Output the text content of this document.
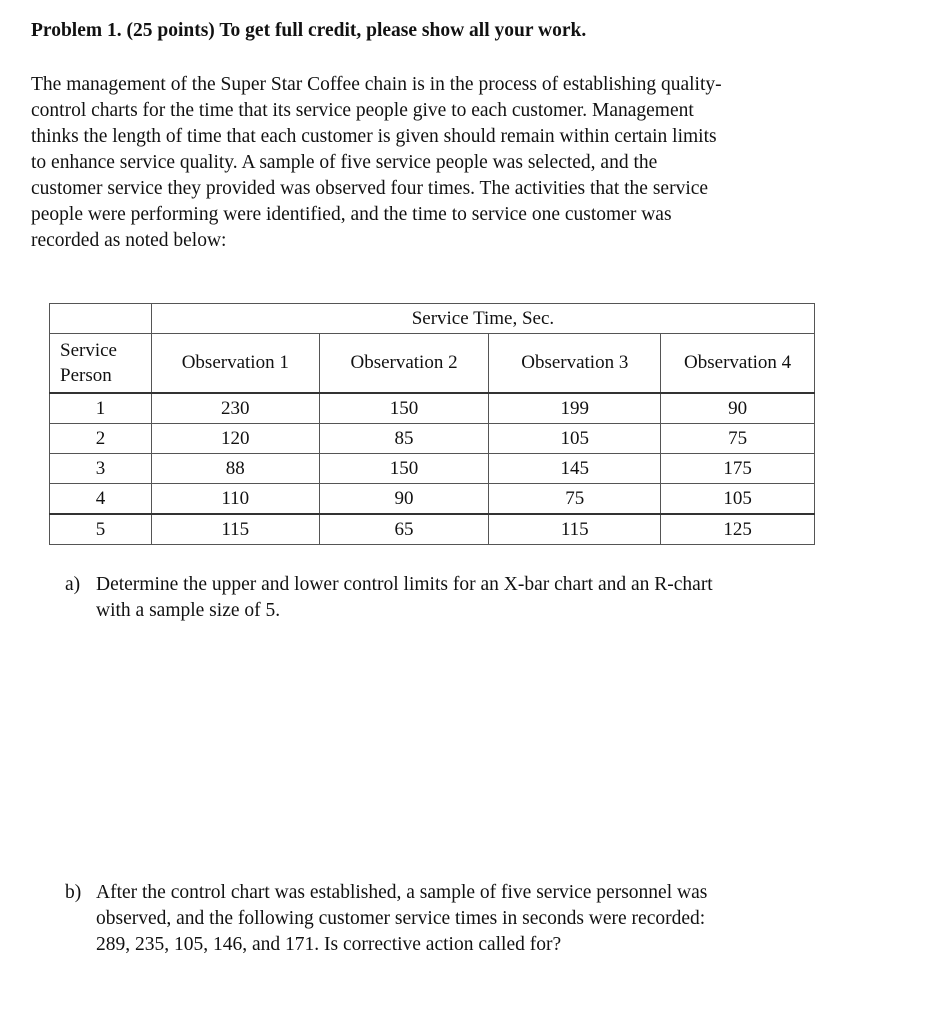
Problem 1. (25 points) To get full credit, please show all your work.
The management of the Super Star Coffee chain is in the process of establishing quality-
control charts for the time that its service people give to each customer. Management
thinks the length of time that each customer is given should remain within certain limits
to enhance service quality. A sample of five service people was selected, and the
customer service they provided was observed four times. The activities that the service
people were performing were identified, and the time to service one customer was
recorded as noted below:
	Service Time, Sec.			

Service
Person	Observation 1	Observation 2	Observation 3	Observation 4
1	230	150	199	90
2	120	85	105	75
3	88	150	145	175
4	110	90	75	105
5	115	65	115	125
a) Determine the upper and lower control limits for an X-bar chart and an R-chart
with a sample size of 5.
b) After the control chart was established, a sample of five service personnel was
observed, and the following customer service times in seconds were recorded:
289, 235, 105, 146, and 171. Is corrective action called for?
